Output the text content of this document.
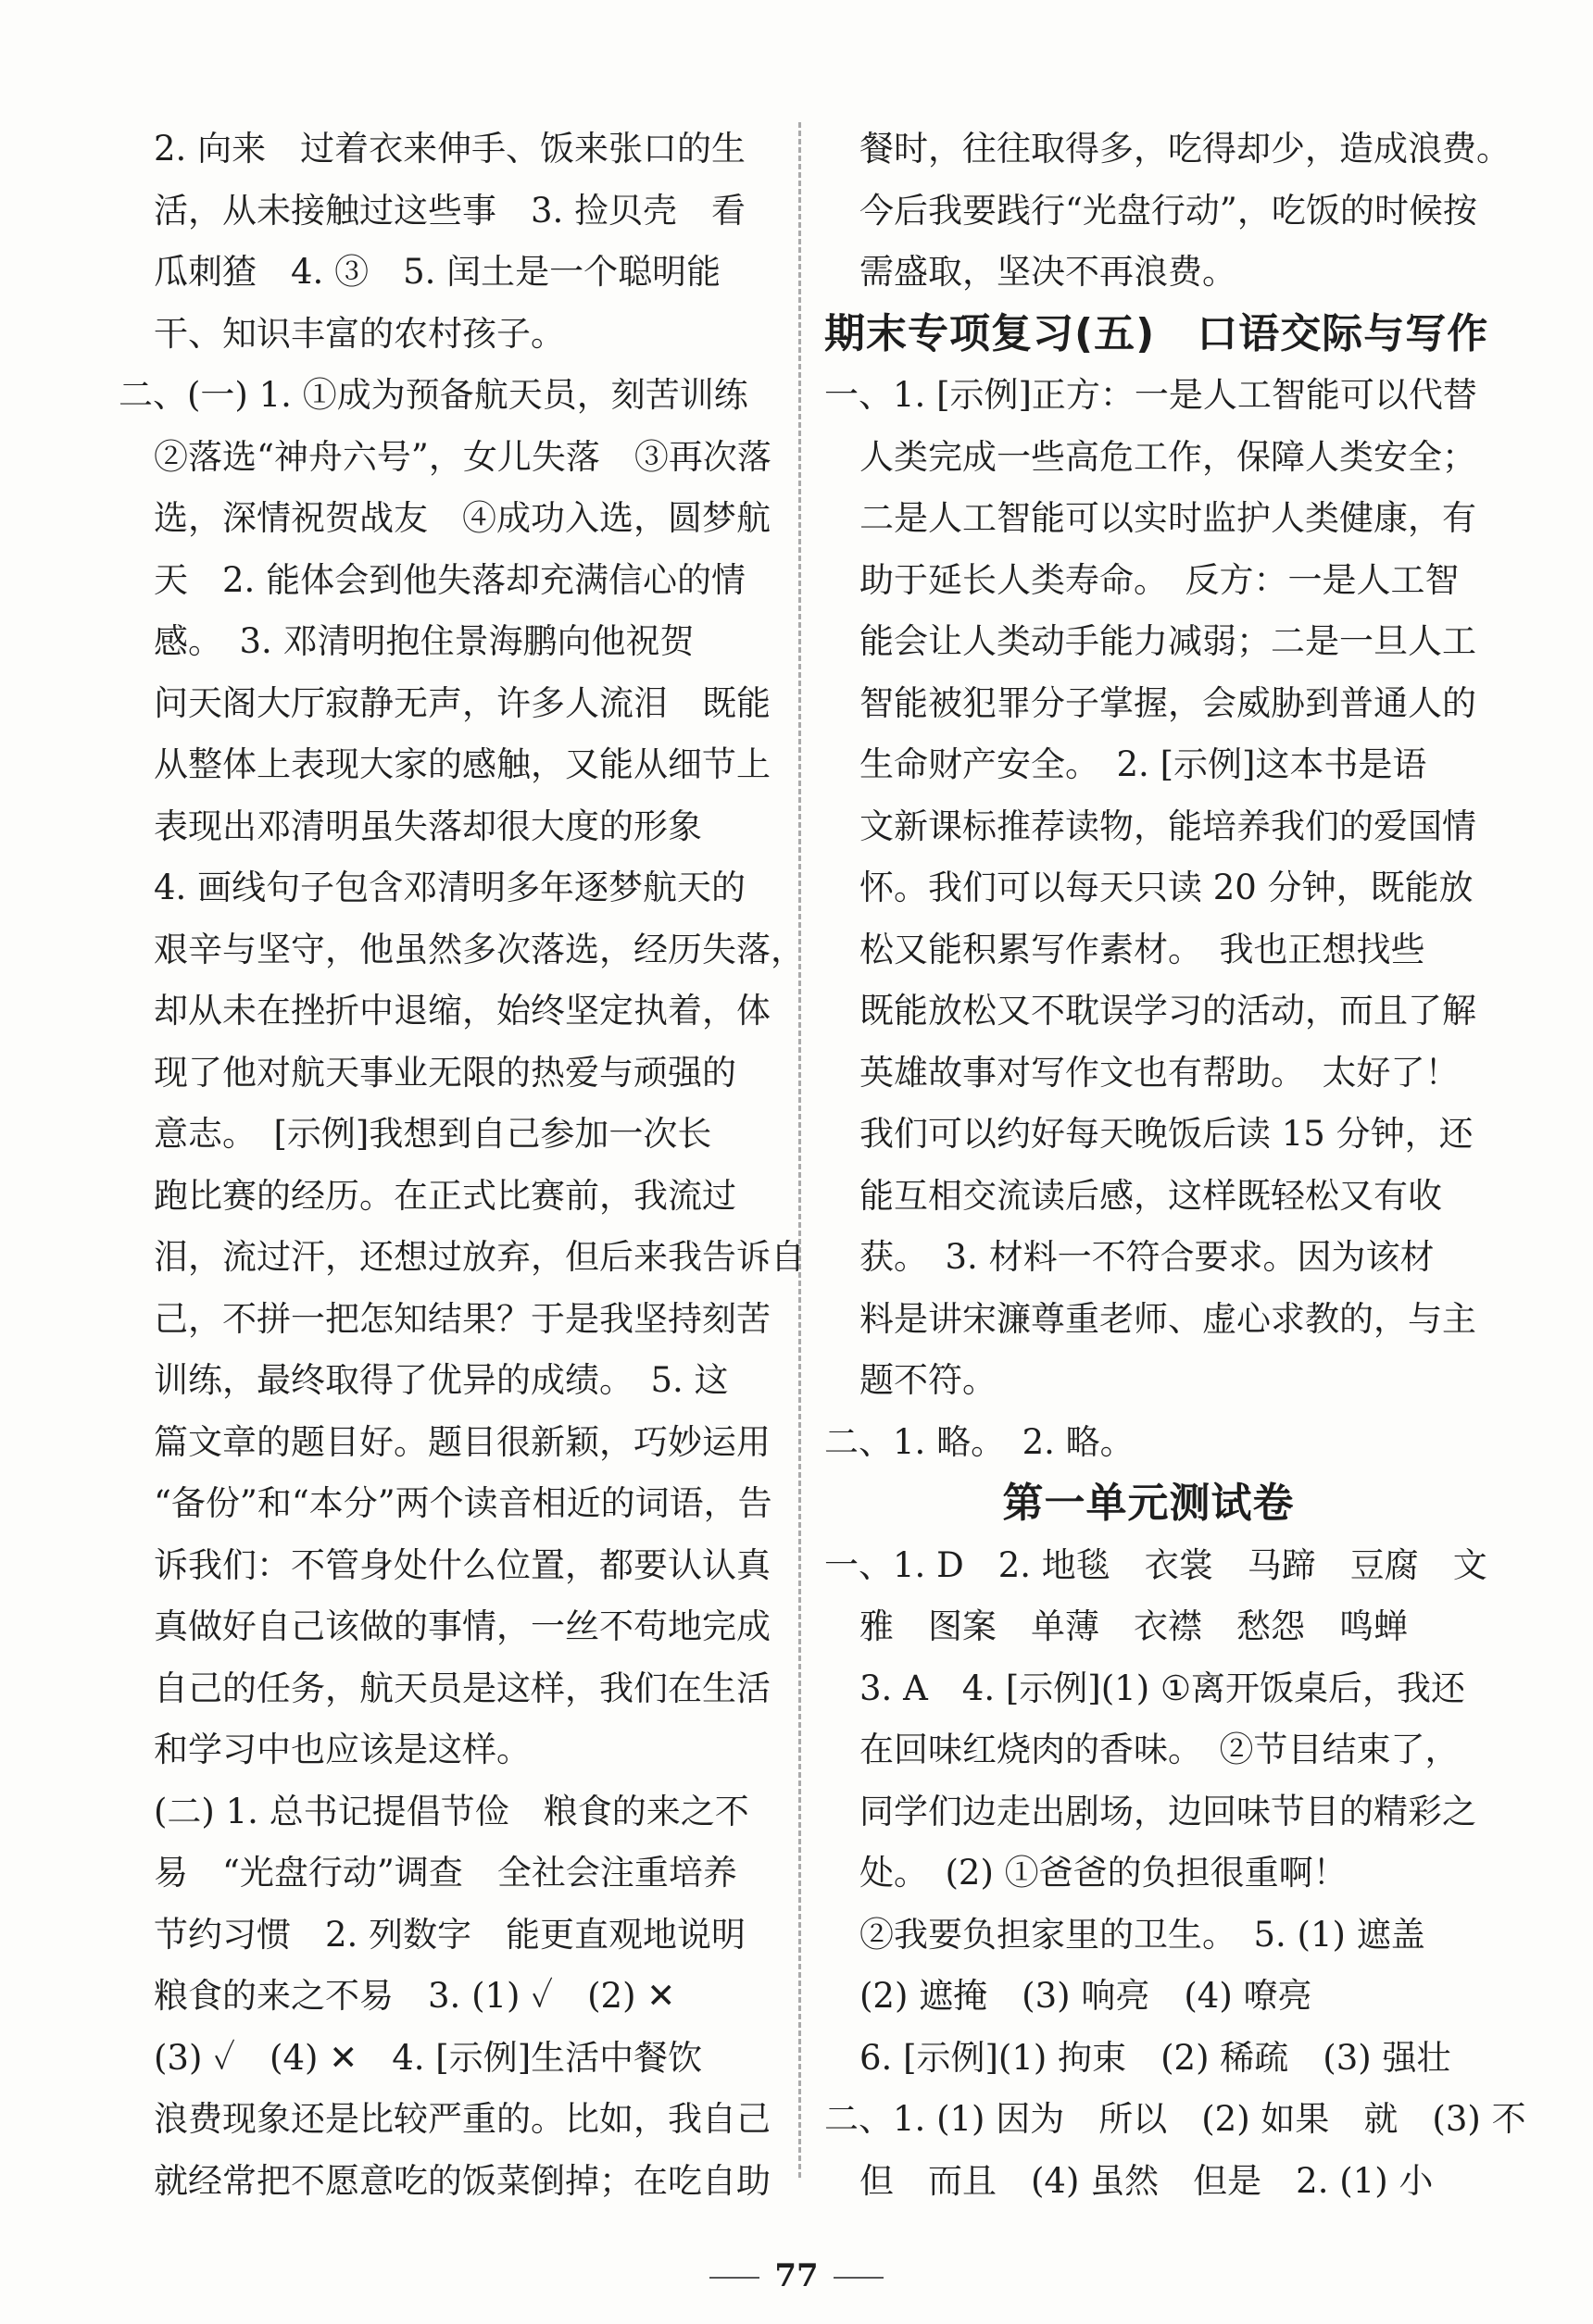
2. 向来　过着衣来伸手、饭来张口的生
活，从未接触过这些事　3. 捡贝壳　看
瓜刺猹　4. ③　5. 闰土是一个聪明能
干、知识丰富的农村孩子。
二、(一) 1. ①成为预备航天员，刻苦训练
②落选“神舟六号”，女儿失落　③再次落
选，深情祝贺战友　④成功入选，圆梦航
天　2. 能体会到他失落却充满信心的情
感。　3. 邓清明抱住景海鹏向他祝贺
问天阁大厅寂静无声，许多人流泪　既能
从整体上表现大家的感触，又能从细节上
表现出邓清明虽失落却很大度的形象
4. 画线句子包含邓清明多年逐梦航天的
艰辛与坚守，他虽然多次落选，经历失落，
却从未在挫折中退缩，始终坚定执着，体
现了他对航天事业无限的热爱与顽强的
意志。　[示例]我想到自己参加一次长
跑比赛的经历。在正式比赛前，我流过
泪，流过汗，还想过放弃，但后来我告诉自
己，不拼一把怎知结果？于是我坚持刻苦
训练，最终取得了优异的成绩。　5. 这
篇文章的题目好。题目很新颖，巧妙运用
“备份”和“本分”两个读音相近的词语，告
诉我们：不管身处什么位置，都要认认真
真做好自己该做的事情，一丝不苟地完成
自己的任务，航天员是这样，我们在生活
和学习中也应该是这样。
(二) 1. 总书记提倡节俭　粮食的来之不
易　“光盘行动”调查　全社会注重培养
节约习惯　2. 列数字　能更直观地说明
粮食的来之不易　3. (1) ✓　(2) ✕
(3) ✓　(4) ✕　4. [示例]生活中餐饮
浪费现象还是比较严重的。比如，我自己
就经常把不愿意吃的饭菜倒掉；在吃自助
餐时，往往取得多，吃得却少，造成浪费。
今后我要践行“光盘行动”，吃饭的时候按
需盛取，坚决不再浪费。
期末专项复习(五)　口语交际与写作
一、1. [示例]正方：一是人工智能可以代替
人类完成一些高危工作，保障人类安全；
二是人工智能可以实时监护人类健康，有
助于延长人类寿命。　反方：一是人工智
能会让人类动手能力减弱；二是一旦人工
智能被犯罪分子掌握，会威胁到普通人的
生命财产安全。　2. [示例]这本书是语
文新课标推荐读物，能培养我们的爱国情
怀。我们可以每天只读 20 分钟，既能放
松又能积累写作素材。　我也正想找些
既能放松又不耽误学习的活动，而且了解
英雄故事对写作文也有帮助。　太好了！
我们可以约好每天晚饭后读 15 分钟，还
能互相交流读后感，这样既轻松又有收
获。　3. 材料一不符合要求。因为该材
料是讲宋濂尊重老师、虚心求教的，与主
题不符。
二、1. 略。　2. 略。
第一单元测试卷
一、1. D　2. 地毯　衣裳　马蹄　豆腐　文
雅　图案　单薄　衣襟　愁怨　鸣蝉
3. A　4. [示例](1) ①离开饭桌后，我还
在回味红烧肉的香味。　②节目结束了，
同学们边走出剧场，边回味节目的精彩之
处。　(2) ①爸爸的负担很重啊！
②我要负担家里的卫生。　5. (1) 遮盖
(2) 遮掩　(3) 响亮　(4) 嘹亮
6. [示例](1) 拘束　(2) 稀疏　(3) 强壮
二、1. (1) 因为　所以　(2) 如果　就　(3) 不
但　而且　(4) 虽然　但是　2. (1) 小
77
